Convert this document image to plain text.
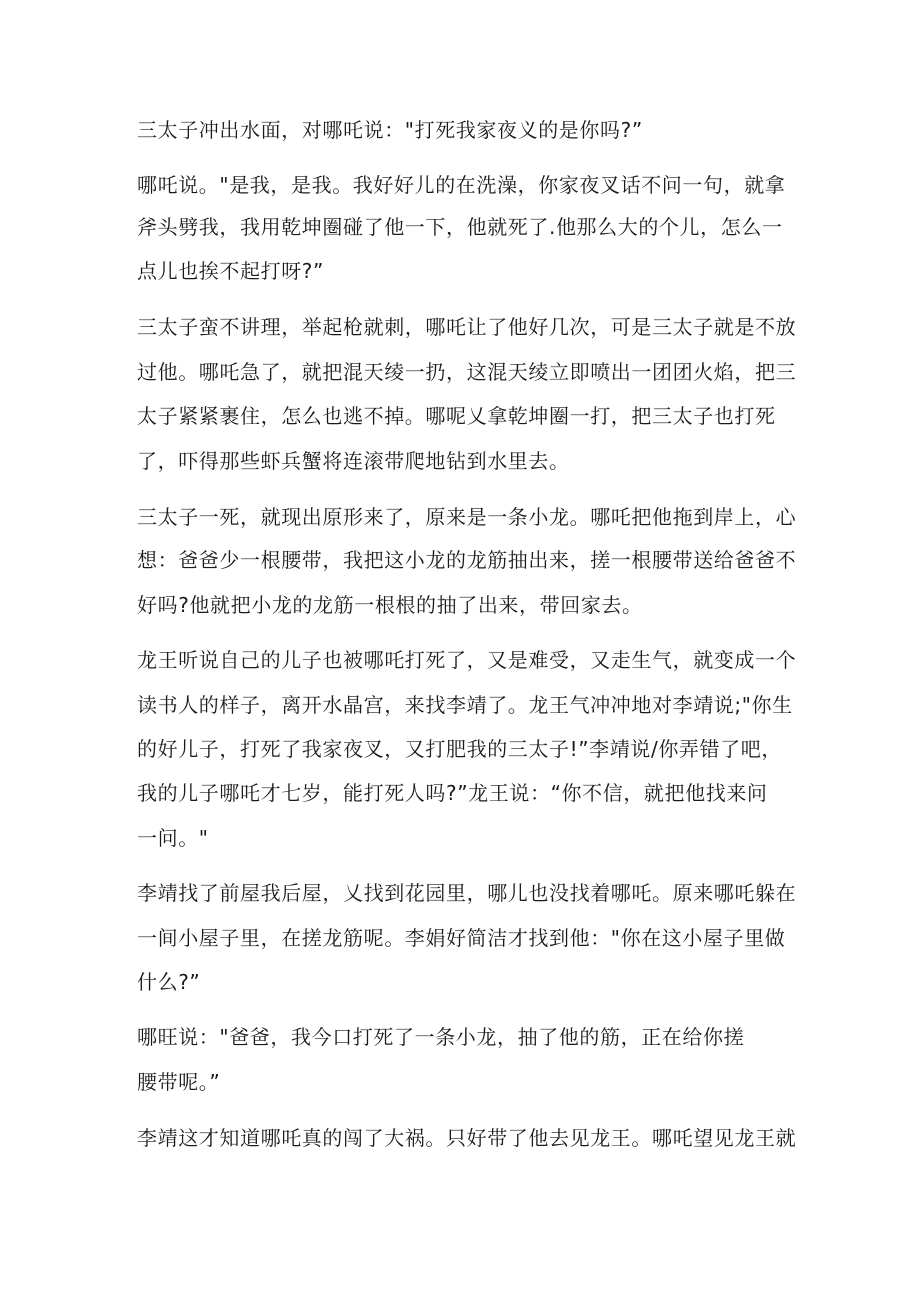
三太子冲出水面，对哪吒说："打死我家夜义的是你吗?”
哪吒说。"是我，是我。我好好儿的在洗澡，你家夜叉话不问一句，就拿
斧头劈我，我用乾坤圈碰了他一下，他就死了.他那么大的个儿，怎么一
点儿也挨不起打呀?”
三太子蛮不讲理，举起枪就刺，哪吒让了他好几次，可是三太子就是不放
过他。哪吒急了，就把混天绫一扔，这混天绫立即喷出一团团火焰，把三
太子紧紧裹住，怎么也逃不掉。哪呢乂拿乾坤圈一打，把三太子也打死
了，吓得那些虾兵蟹将连滚带爬地钻到水里去。
三太子一死，就现出原形来了，原来是一条小龙。哪吒把他拖到岸上，心
想：爸爸少一根腰带，我把这小龙的龙筋抽出来，搓一根腰带送给爸爸不
好吗?他就把小龙的龙筋一根根的抽了出来，带回家去。
龙王听说自己的儿子也被哪吒打死了，又是难受，又走生气，就变成一个
读书人的样子，离开水晶宫，来找李靖了。龙王气冲冲地对李靖说;"你生
的好儿子，打死了我家夜叉，又打肥我的三太子!”李靖说/你弄错了吧，
我的儿子哪吒才七岁，能打死人吗?”龙王说：“你不信，就把他找来问
一问。"
李靖找了前屋我后屋，乂找到花园里，哪儿也没找着哪吒。原来哪吒躲在
一间小屋子里，在搓龙筋呢。李娟好简洁才找到他："你在这小屋子里做
什么?”
哪旺说："爸爸，我今口打死了一条小龙，抽了他的筋，正在给你搓
腰带呢。”
李靖这才知道哪吒真的闯了大祸。只好带了他去见龙王。哪吒望见龙王就
